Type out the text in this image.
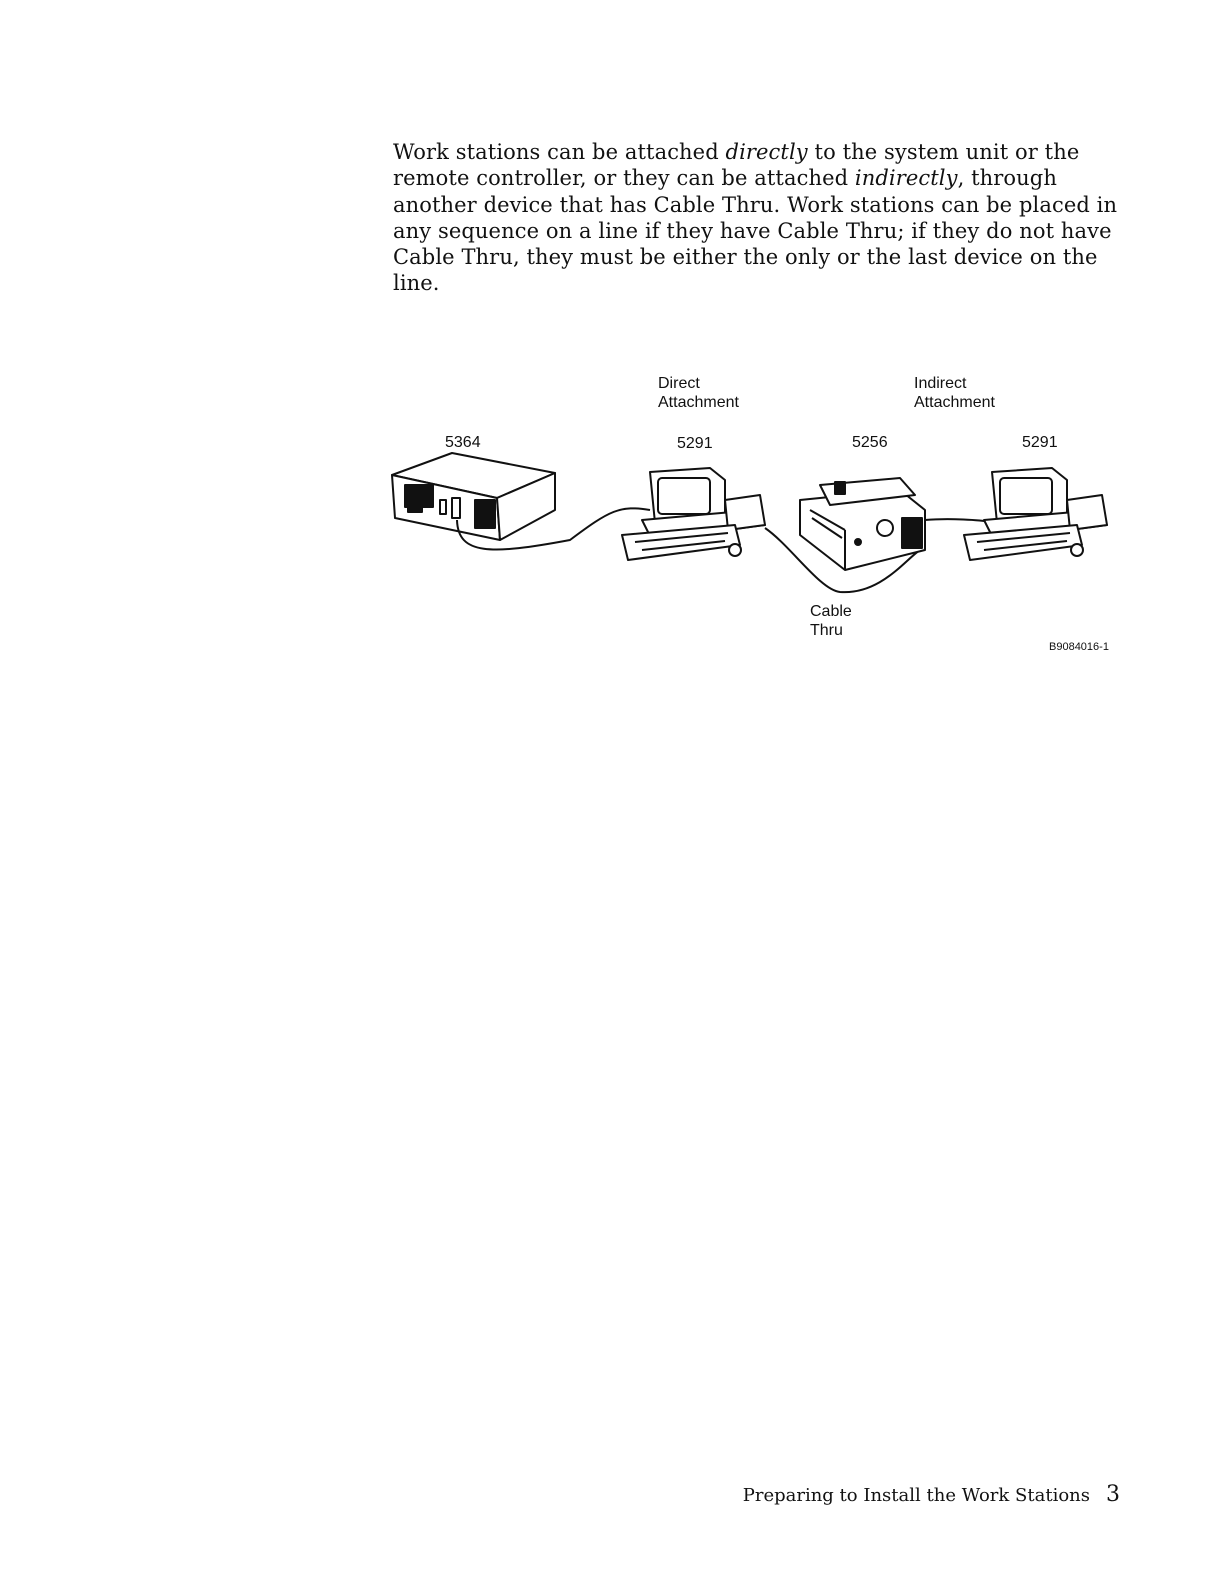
Work stations can be attached directly to the system unit or the remote controller, or they can be attached indirectly, through another device that has Cable Thru. Work stations can be placed in any sequence on a line if they have Cable Thru; if they do not have Cable Thru, they must be either the only or the last device on the line.

Direct
Attachment
Indirect
Attachment
5364	5291	5256	5291
Cable
Thru
B9084016-1
Preparing to Install the Work Stations 3
